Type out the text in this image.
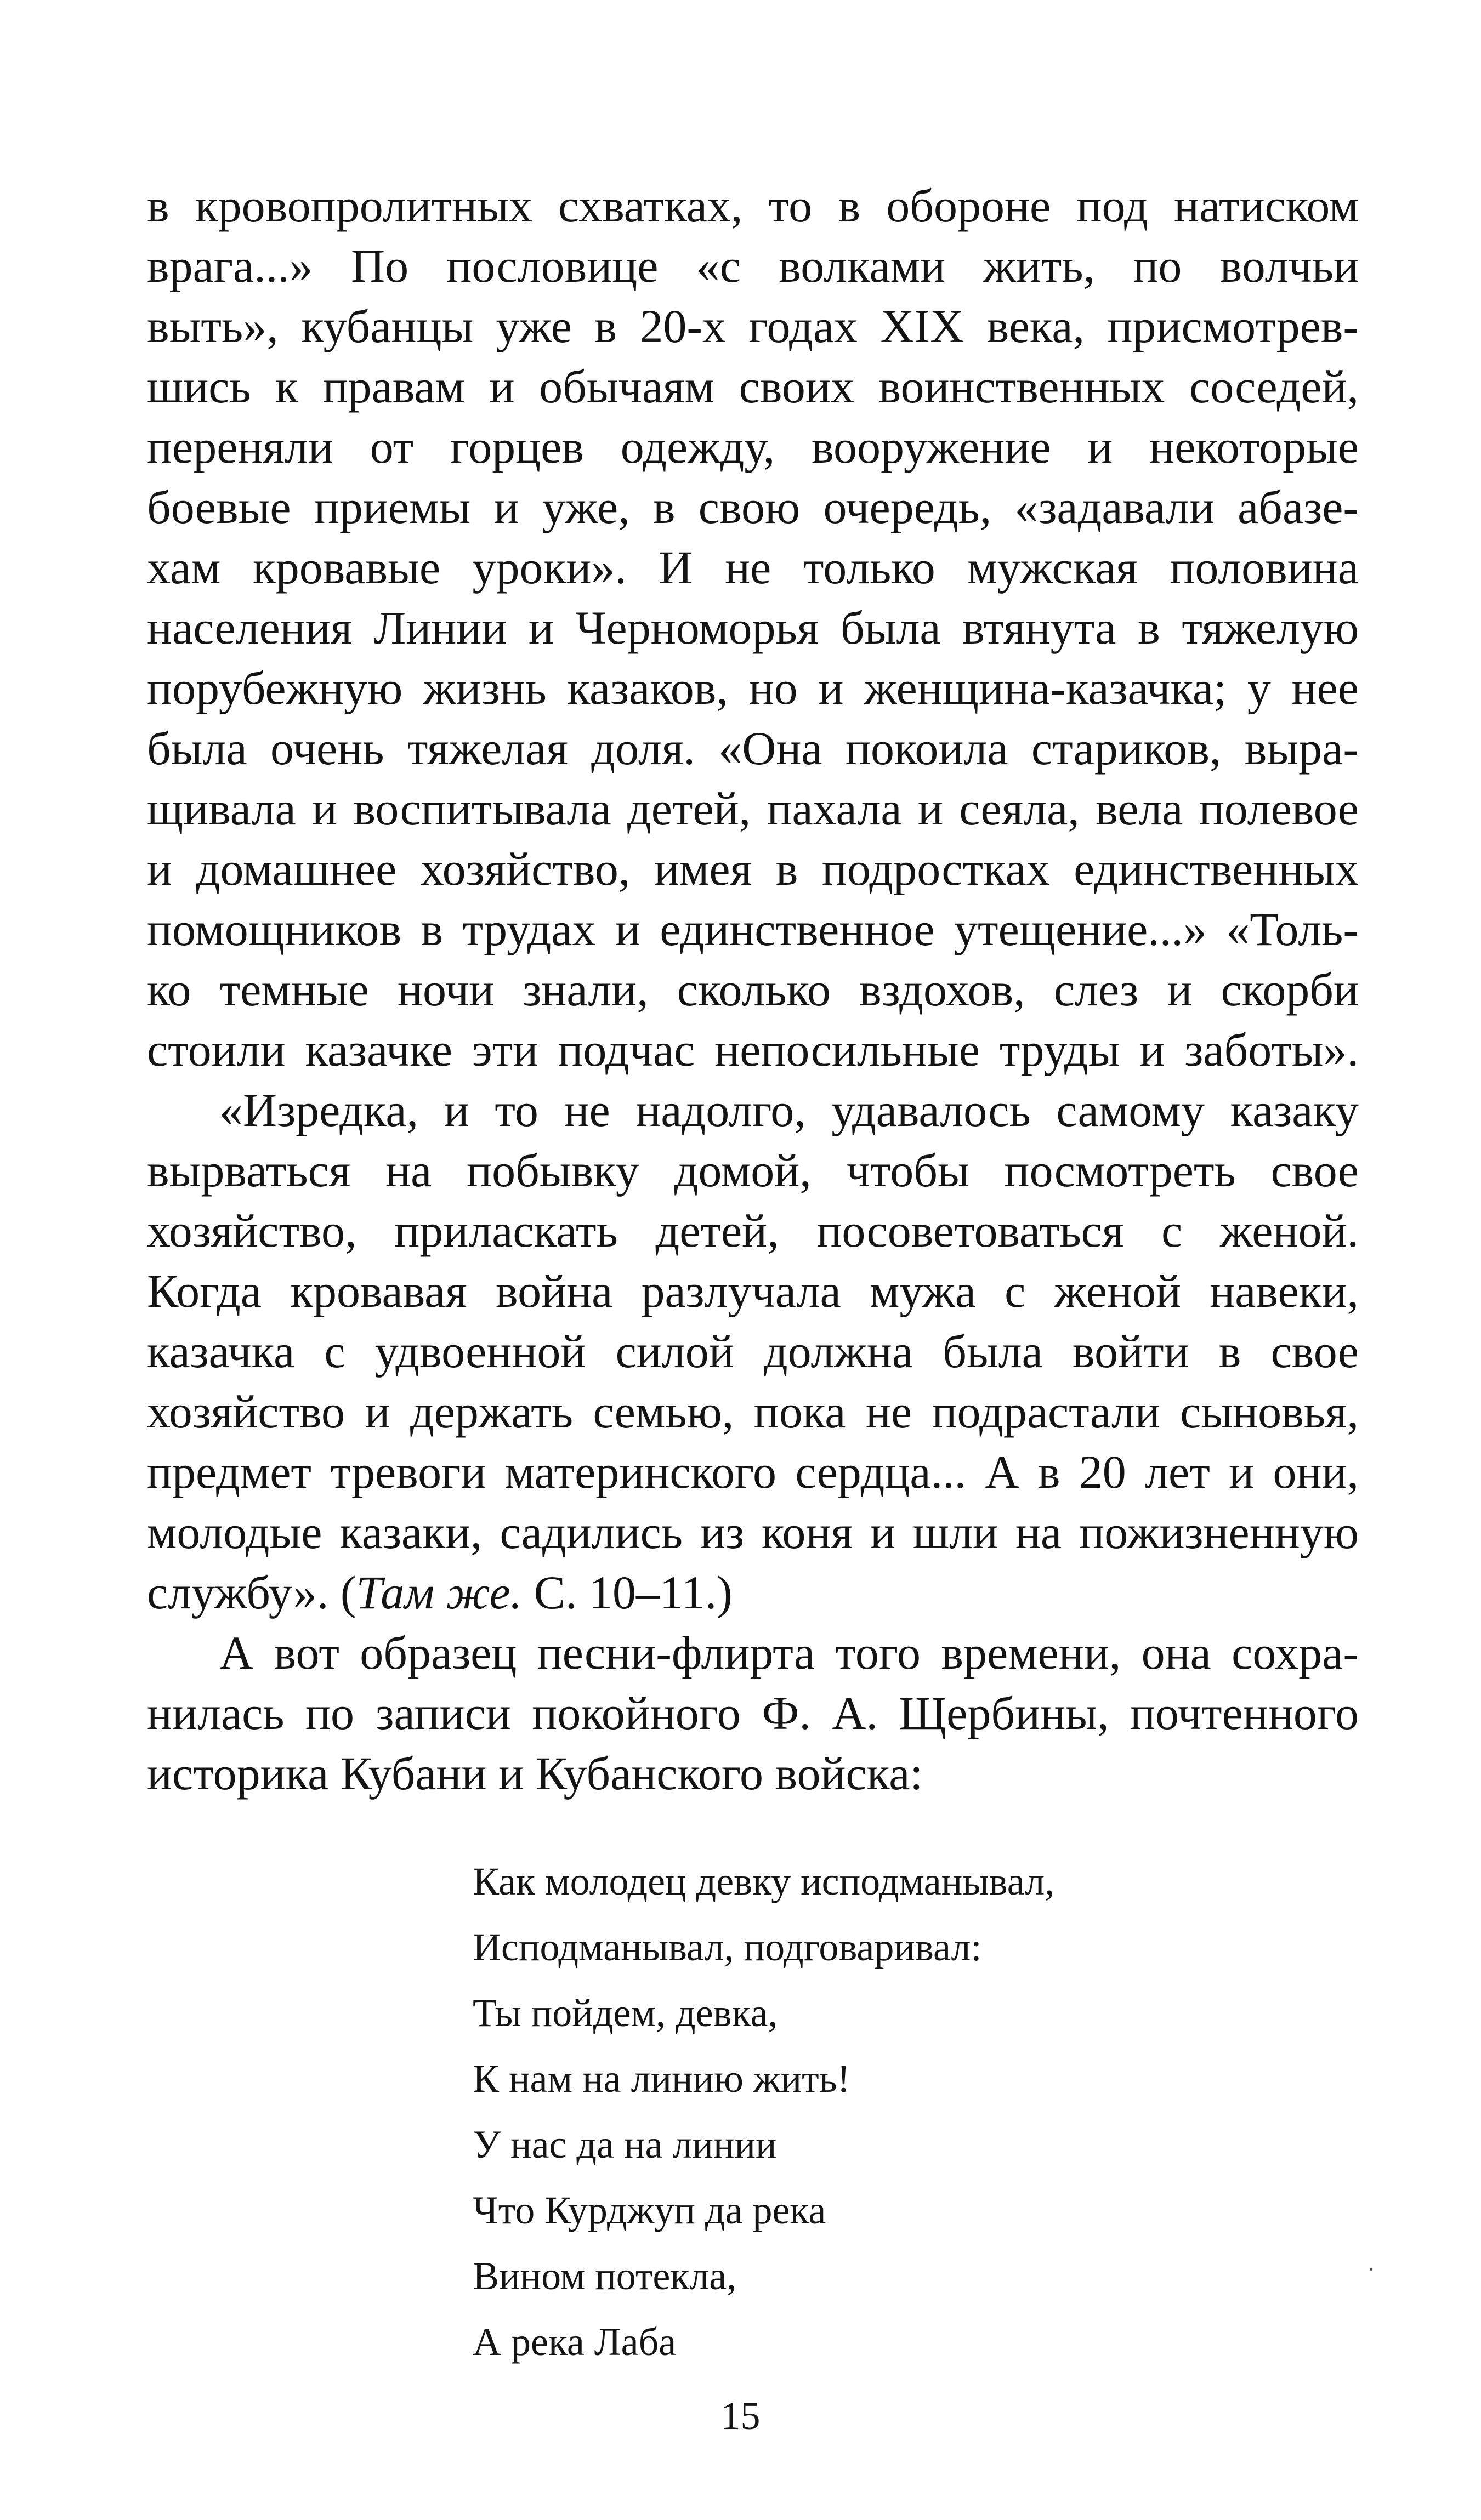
в кровопролитных схватках, то в обороне под натиском
врага...» По пословице «с волками жить, по волчьи
выть», кубанцы уже в 20-х годах XIX века, присмотрев-
шись к правам и обычаям своих воинственных соседей,
переняли от горцев одежду, вооружение и некоторые
боевые приемы и уже, в свою очередь, «задавали абазе-
хам кровавые уроки». И не только мужская половина
населения Линии и Черноморья была втянута в тяжелую
порубежную жизнь казаков, но и женщина-казачка; у нее
была очень тяжелая доля. «Она покоила стариков, выра-
щивала и воспитывала детей, пахала и сеяла, вела полевое
и домашнее хозяйство, имея в подростках единственных
помощников в трудах и единственное утещение...» «Толь-
ко темные ночи знали, сколько вздохов, слез и скорби
стоили казачке эти подчас непосильные труды и заботы».

«Изредка, и то не надолго, удавалось самому казаку
вырваться на побывку домой, чтобы посмотреть свое
хозяйство, приласкать детей, посоветоваться с женой.
Когда кровавая война разлучала мужа с женой навеки,
казачка с удвоенной силой должна была войти в свое
хозяйство и держать семью, пока не подрастали сыновья,
предмет тревоги материнского сердца... А в 20 лет и они,
молодые казаки, садились из коня и шли на пожизненную
службу». (Там же. С. 10–11.)

А вот образец песни-флирта того времени, она сохра-
нилась по записи покойного Ф. А. Щербины, почтенного
историка Кубани и Кубанского войска:

Как молодец девку исподманывал,
Исподманывал, подговаривал:
Ты пойдем, девка,
К нам на линию жить!
У нас да на линии
Что Курджуп да река
Вином потекла,
А река Лаба
15
